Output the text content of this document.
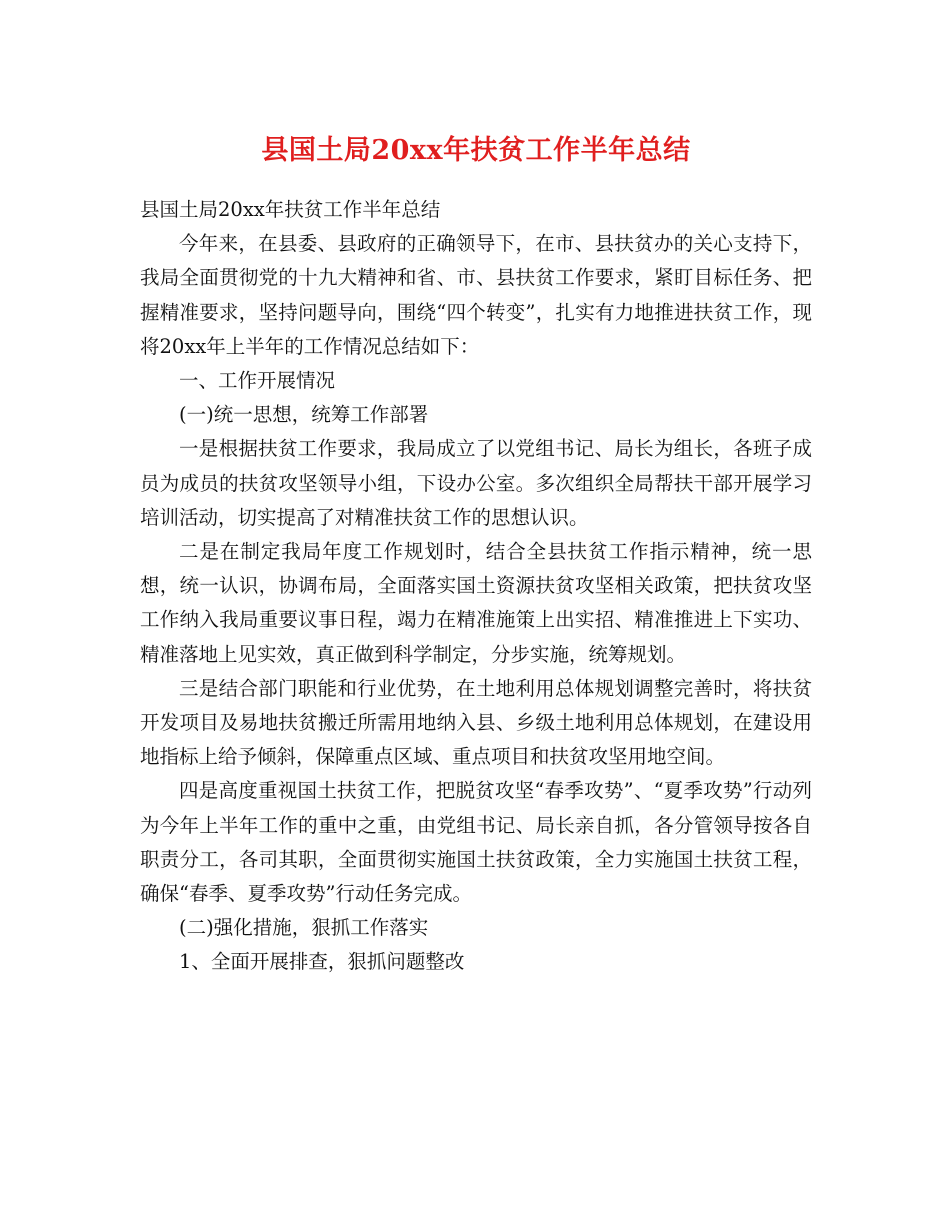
县国土局20xx年扶贫工作半年总结

县国土局20xx年扶贫工作半年总结

今年来，在县委、县政府的正确领导下，在市、县扶贫办的关心支持下，我局全面贯彻党的十九大精神和省、市、县扶贫工作要求，紧盯目标任务、把握精准要求，坚持问题导向，围绕“四个转变”，扎实有力地推进扶贫工作，现将20xx年上半年的工作情况总结如下：

一、工作开展情况

(一)统一思想，统筹工作部署

一是根据扶贫工作要求，我局成立了以党组书记、局长为组长，各班子成员为成员的扶贫攻坚领导小组，下设办公室。多次组织全局帮扶干部开展学习培训活动，切实提高了对精准扶贫工作的思想认识。

二是在制定我局年度工作规划时，结合全县扶贫工作指示精神，统一思想，统一认识，协调布局，全面落实国土资源扶贫攻坚相关政策，把扶贫攻坚工作纳入我局重要议事日程，竭力在精准施策上出实招、精准推进上下实功、精准落地上见实效，真正做到科学制定，分步实施，统筹规划。

三是结合部门职能和行业优势，在土地利用总体规划调整完善时，将扶贫开发项目及易地扶贫搬迁所需用地纳入县、乡级土地利用总体规划，在建设用地指标上给予倾斜，保障重点区域、重点项目和扶贫攻坚用地空间。

四是高度重视国土扶贫工作，把脱贫攻坚“春季攻势”、“夏季攻势”行动列为今年上半年工作的重中之重，由党组书记、局长亲自抓，各分管领导按各自职责分工，各司其职，全面贯彻实施国土扶贫政策，全力实施国土扶贫工程，确保“春季、夏季攻势”行动任务完成。

(二)强化措施，狠抓工作落实

1、全面开展排查，狠抓问题整改
